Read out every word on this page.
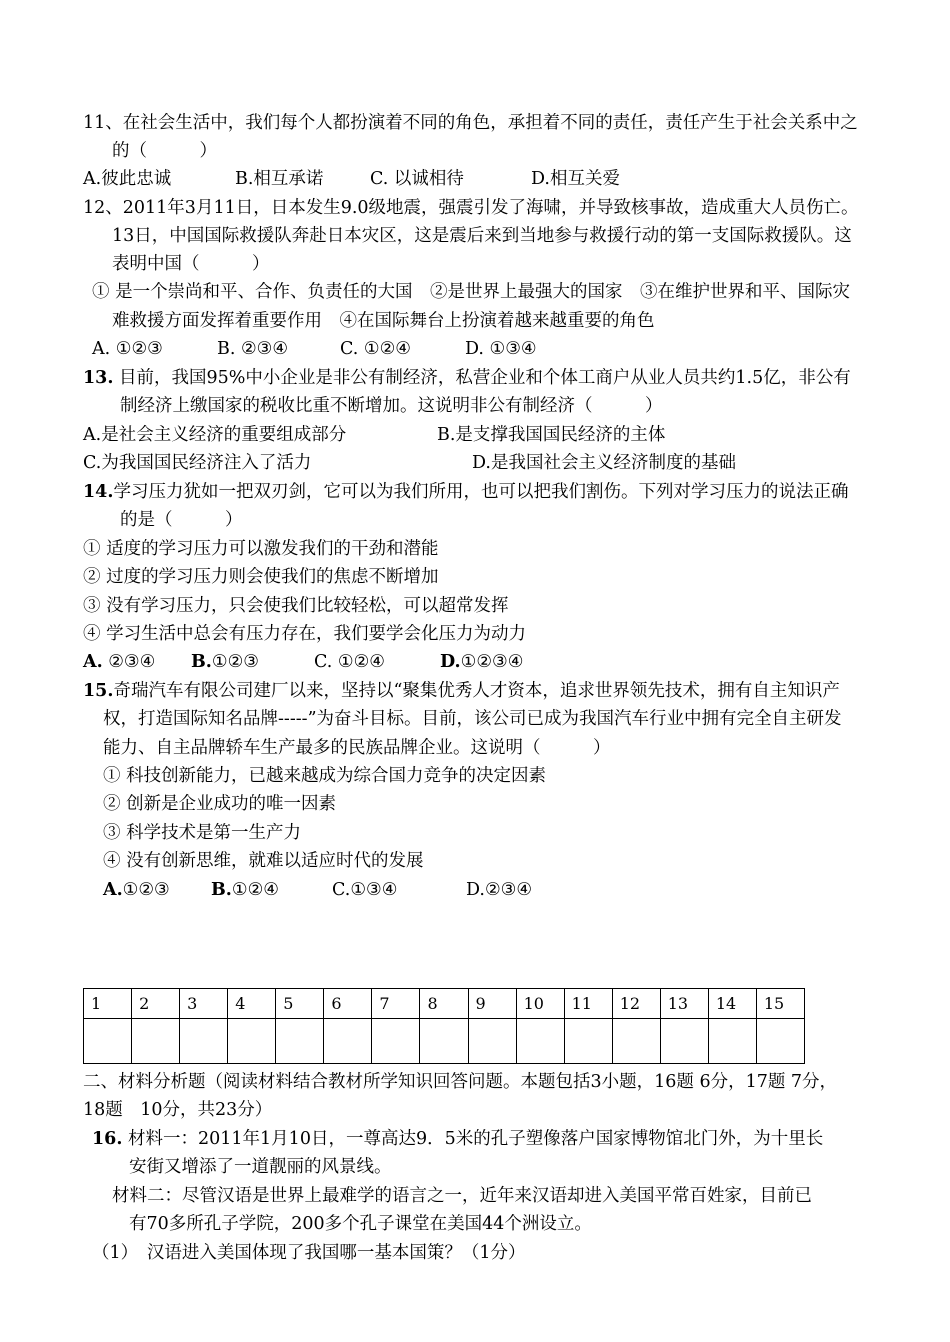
11、在社会生活中，我们每个人都扮演着不同的角色，承担着不同的责任，责任产生于社会关系中之
的（　　　）
A.彼此忠诚	B.相互承诺	C. 以诚相待	D.相互关爱
12、2011年3月11日，日本发生9.0级地震，强震引发了海啸，并导致核事故，造成重大人员伤亡。
13日，中国国际救援队奔赴日本灾区，这是震后来到当地参与救援行动的第一支国际救援队。这
表明中国（　　　）
① 是一个崇尚和平、合作、负责任的大国　②是世界上最强大的国家　③在维护世界和平、国际灾
难救援方面发挥着重要作用　④在国际舞台上扮演着越来越重要的角色
A. ①②③	B. ②③④	C. ①②④	D. ①③④
13. 目前，我国95%中小企业是非公有制经济，私营企业和个体工商户从业人员共约1.5亿，非公有
制经济上缴国家的税收比重不断增加。这说明非公有制经济（　　　）
A.是社会主义经济的重要组成部分	B.是支撑我国国民经济的主体
C.为我国国民经济注入了活力	D.是我国社会主义经济制度的基础
14.学习压力犹如一把双刃剑，它可以为我们所用，也可以把我们割伤。下列对学习压力的说法正确
的是（　　　）
① 适度的学习压力可以激发我们的干劲和潜能
② 过度的学习压力则会使我们的焦虑不断增加
③ 没有学习压力，只会使我们比较轻松，可以超常发挥
④ 学习生活中总会有压力存在，我们要学会化压力为动力
A. ②③④ B.①②③	C. ①②④	D.①②③④
15.奇瑞汽车有限公司建厂以来，坚持以“聚集优秀人才资本，追求世界领先技术，拥有自主知识产
权，打造国际知名品牌-----”为奋斗目标。目前，该公司已成为我国汽车行业中拥有完全自主研发
能力、自主品牌轿车生产最多的民族品牌企业。这说明（　　　）
① 科技创新能力，已越来越成为综合国力竞争的决定因素
② 创新是企业成功的唯一因素
③ 科学技术是第一生产力
④ 没有创新思维，就难以适应时代的发展
A.①②③ B.①②④	C.①③④	D.②③④
1	2	3	4	5	6	7	8	9	10	11	12	13	14	15

二、材料分析题（阅读材料结合教材所学知识回答问题。本题包括3小题，16题 6分，17题 7分，
18题　10分，共23分）
16. 材料一：2011年1月10日，一尊高达9．5米的孔子塑像落户国家博物馆北门外，为十里长
安街又增添了一道靓丽的风景线。
材料二：尽管汉语是世界上最难学的语言之一，近年来汉语却进入美国平常百姓家，目前已
有70多所孔子学院，200多个孔子课堂在美国44个洲设立。
（1）　汉语进入美国体现了我国哪一基本国策？（1分）
